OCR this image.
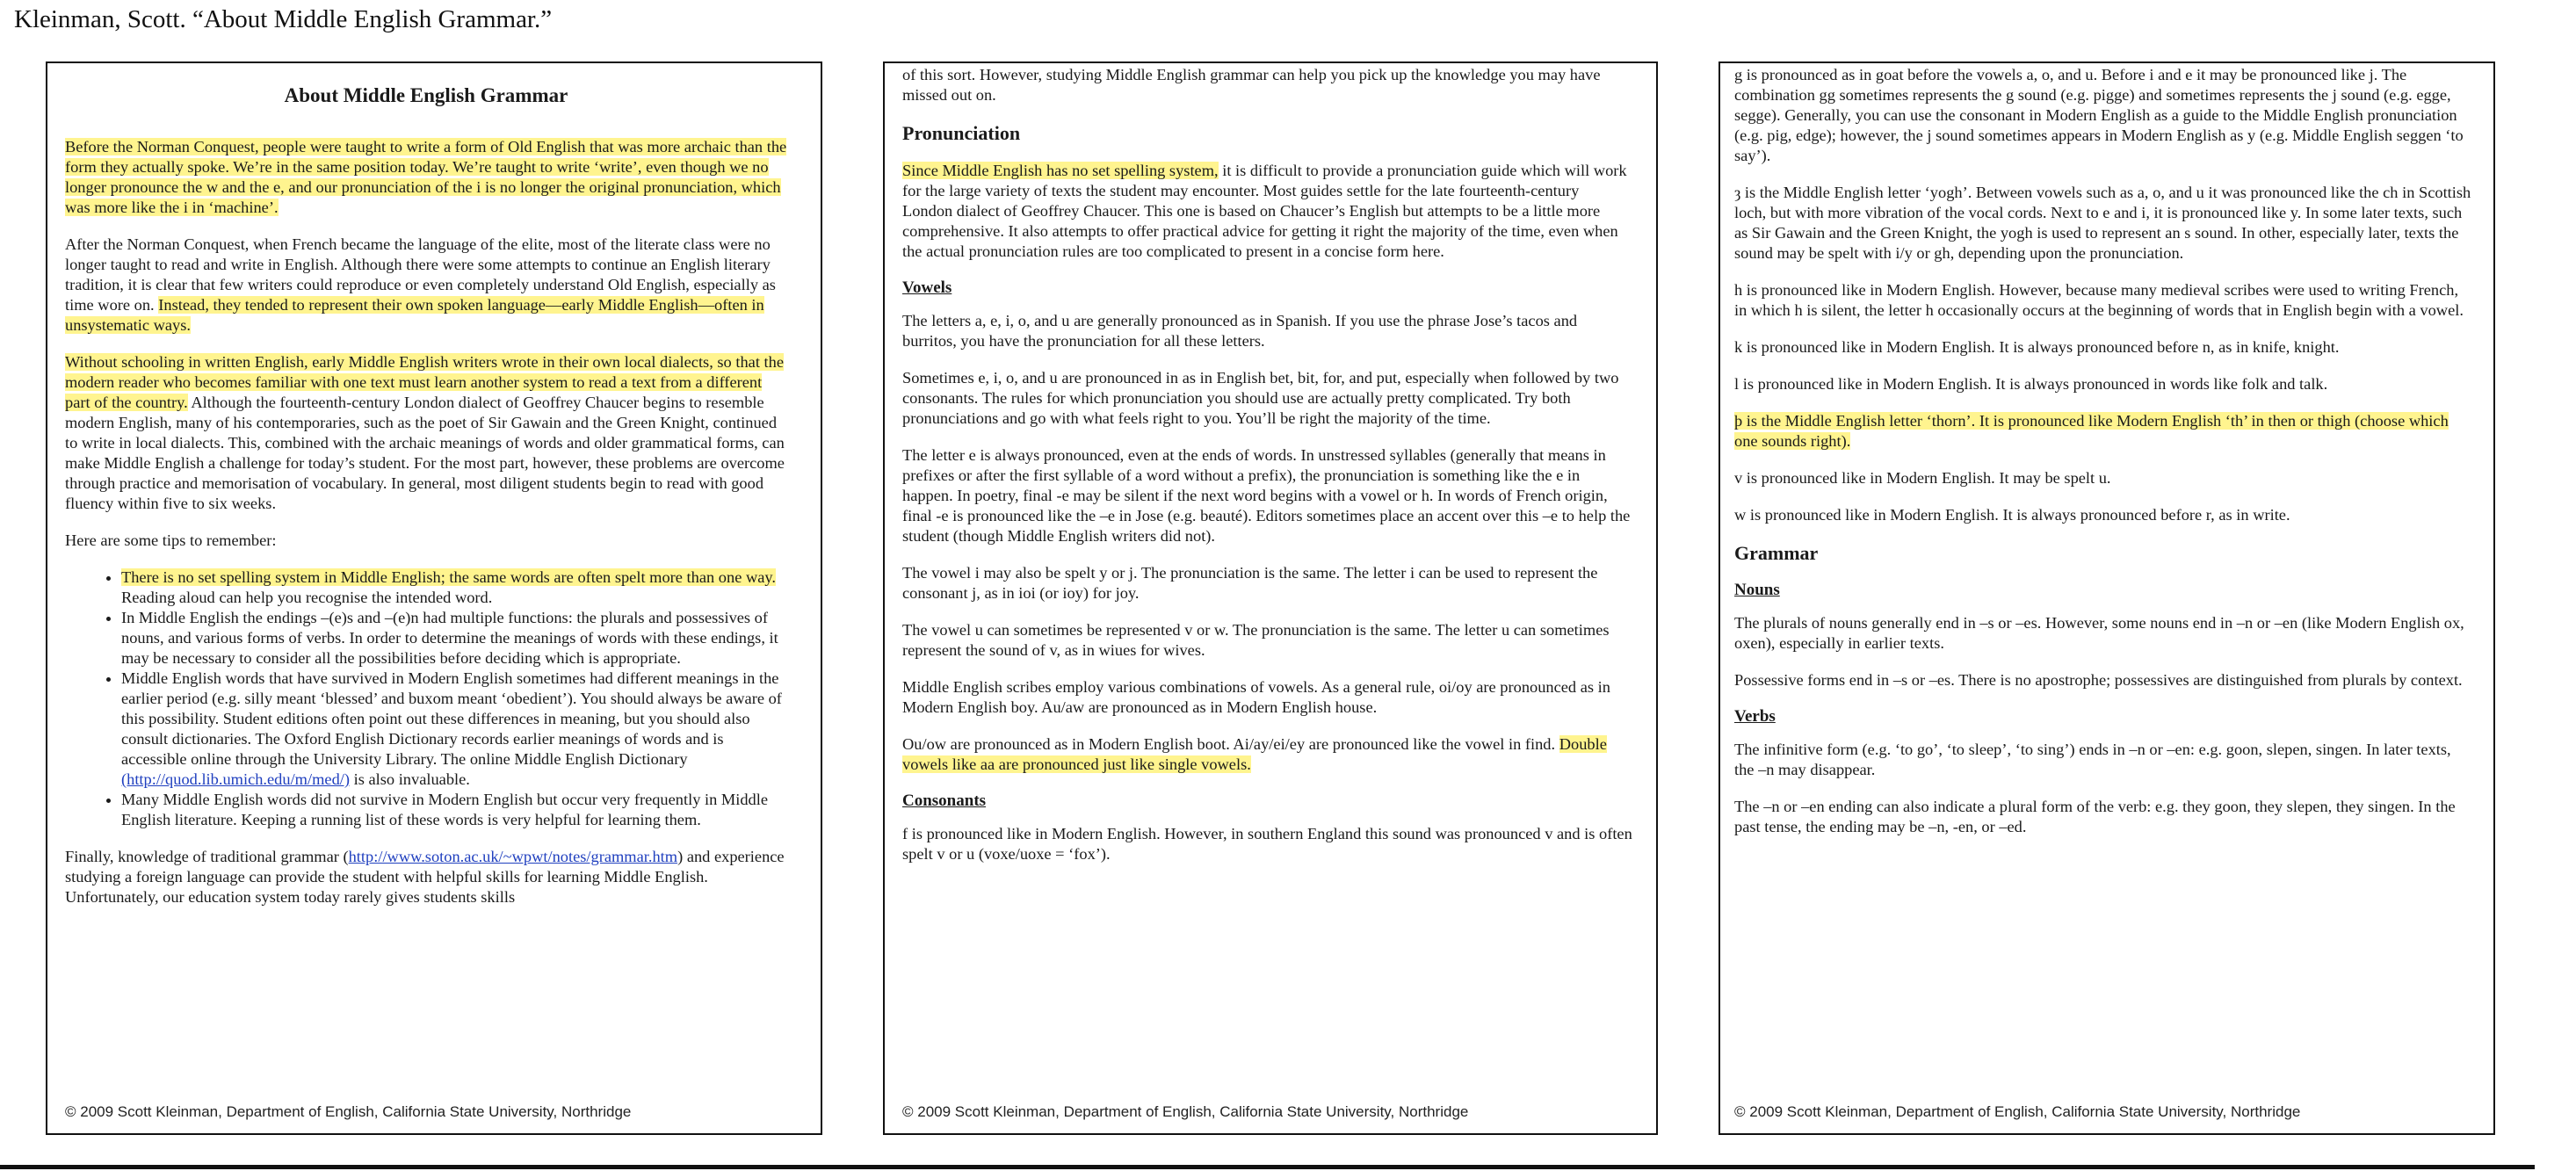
Kleinman, Scott. “About Middle English Grammar.”
About Middle English Grammar

Before the Norman Conquest, people were taught to write a form of Old English that was more archaic than the form they actually spoke. We’re in the same position today. We’re taught to write ‘write’, even though we no longer pronounce the w and the e, and our pronunciation of the i is no longer the original pronunciation, which was more like the i in ‘machine’.

After the Norman Conquest, when French became the language of the elite, most of the literate class were no longer taught to read and write in English. Although there were some attempts to continue an English literary tradition, it is clear that few writers could reproduce or even completely understand Old English, especially as time wore on. Instead, they tended to represent their own spoken language—early Middle English—often in unsystematic ways.

Without schooling in written English, early Middle English writers wrote in their own local dialects, so that the modern reader who becomes familiar with one text must learn another system to read a text from a different part of the country. Although the fourteenth-century London dialect of Geoffrey Chaucer begins to resemble modern English, many of his contemporaries, such as the poet of Sir Gawain and the Green Knight, continued to write in local dialects. This, combined with the archaic meanings of words and older grammatical forms, can make Middle English a challenge for today’s student. For the most part, however, these problems are overcome through practice and memorisation of vocabulary. In general, most diligent students begin to read with good fluency within five to six weeks.

Here are some tips to remember:

• There is no set spelling system in Middle English; the same words are often spelt more than one way. Reading aloud can help you recognise the intended word.
• In Middle English the endings –(e)s and –(e)n had multiple functions: the plurals and possessives of nouns, and various forms of verbs. In order to determine the meanings of words with these endings, it may be necessary to consider all the possibilities before deciding which is appropriate.
• Middle English words that have survived in Modern English sometimes had different meanings in the earlier period (e.g. silly meant ‘blessed’ and buxom meant ‘obedient’). You should always be aware of this possibility. Student editions often point out these differences in meaning, but you should also consult dictionaries. The Oxford English Dictionary records earlier meanings of words and is accessible online through the University Library. The online Middle English Dictionary (http://quod.lib.umich.edu/m/med/) is also invaluable.
• Many Middle English words did not survive in Modern English but occur very frequently in Middle English literature. Keeping a running list of these words is very helpful for learning them.

Finally, knowledge of traditional grammar (http://www.soton.ac.uk/~wpwt/notes/grammar.htm) and experience studying a foreign language can provide the student with helpful skills for learning Middle English. Unfortunately, our education system today rarely gives students skills

© 2009 Scott Kleinman, Department of English, California State University, Northridge

of this sort. However, studying Middle English grammar can help you pick up the knowledge you may have missed out on.

Pronunciation

Since Middle English has no set spelling system, it is difficult to provide a pronunciation guide which will work for the large variety of texts the student may encounter. Most guides settle for the late fourteenth-century London dialect of Geoffrey Chaucer. This one is based on Chaucer’s English but attempts to be a little more comprehensive. It also attempts to offer practical advice for getting it right the majority of the time, even when the actual pronunciation rules are too complicated to present in a concise form here.

Vowels

The letters a, e, i, o, and u are generally pronounced as in Spanish. If you use the phrase Jose’s tacos and burritos, you have the pronunciation for all these letters.

Sometimes e, i, o, and u are pronounced in as in English bet, bit, for, and put, especially when followed by two consonants. The rules for which pronunciation you should use are actually pretty complicated. Try both pronunciations and go with what feels right to you. You’ll be right the majority of the time.

The letter e is always pronounced, even at the ends of words. In unstressed syllables (generally that means in prefixes or after the first syllable of a word without a prefix), the pronunciation is something like the e in happen. In poetry, final -e may be silent if the next word begins with a vowel or h. In words of French origin, final -e is pronounced like the –e in Jose (e.g. beauté). Editors sometimes place an accent over this –e to help the student (though Middle English writers did not).

The vowel i may also be spelt y or j. The pronunciation is the same. The letter i can be used to represent the consonant j, as in ioi (or ioy) for joy.

The vowel u can sometimes be represented v or w. The pronunciation is the same. The letter u can sometimes represent the sound of v, as in wiues for wives.

Middle English scribes employ various combinations of vowels. As a general rule, oi/oy are pronounced as in Modern English boy. Au/aw are pronounced as in Modern English house.

Ou/ow are pronounced as in Modern English boot. Ai/ay/ei/ey are pronounced like the vowel in find. Double vowels like aa are pronounced just like single vowels.

Consonants

f is pronounced like in Modern English. However, in southern England this sound was pronounced v and is often spelt v or u (voxe/uoxe = ‘fox’).

© 2009 Scott Kleinman, Department of English, California State University, Northridge

g is pronounced as in goat before the vowels a, o, and u. Before i and e it may be pronounced like j. The combination gg sometimes represents the g sound (e.g. pigge) and sometimes represents the j sound (e.g. egge, segge). Generally, you can use the consonant in Modern English as a guide to the Middle English pronunciation (e.g. pig, edge); however, the j sound sometimes appears in Modern English as y (e.g. Middle English seggen ‘to say’).

ȝ is the Middle English letter ‘yogh’. Between vowels such as a, o, and u it was pronounced like the ch in Scottish loch, but with more vibration of the vocal cords. Next to e and i, it is pronounced like y. In some later texts, such as Sir Gawain and the Green Knight, the yogh is used to represent an s sound. In other, especially later, texts the sound may be spelt with i/y or gh, depending upon the pronunciation.

h is pronounced like in Modern English. However, because many medieval scribes were used to writing French, in which h is silent, the letter h occasionally occurs at the beginning of words that in English begin with a vowel.

k is pronounced like in Modern English. It is always pronounced before n, as in knife, knight.

l is pronounced like in Modern English. It is always pronounced in words like folk and talk.

þ is the Middle English letter ‘thorn’. It is pronounced like Modern English ‘th’ in then or thigh (choose which one sounds right).

v is pronounced like in Modern English. It may be spelt u.

w is pronounced like in Modern English. It is always pronounced before r, as in write.

Grammar
Nouns

The plurals of nouns generally end in –s or –es. However, some nouns end in –n or –en (like Modern English ox, oxen), especially in earlier texts.

Possessive forms end in –s or –es. There is no apostrophe; possessives are distinguished from plurals by context.

Verbs

The infinitive form (e.g. ‘to go’, ‘to sleep’, ‘to sing’) ends in –n or –en: e.g. goon, slepen, singen. In later texts, the –n may disappear.

The –n or –en ending can also indicate a plural form of the verb: e.g. they goon, they slepen, they singen. In the past tense, the ending may be –n, -en, or –ed.

© 2009 Scott Kleinman, Department of English, California State University, Northridge
